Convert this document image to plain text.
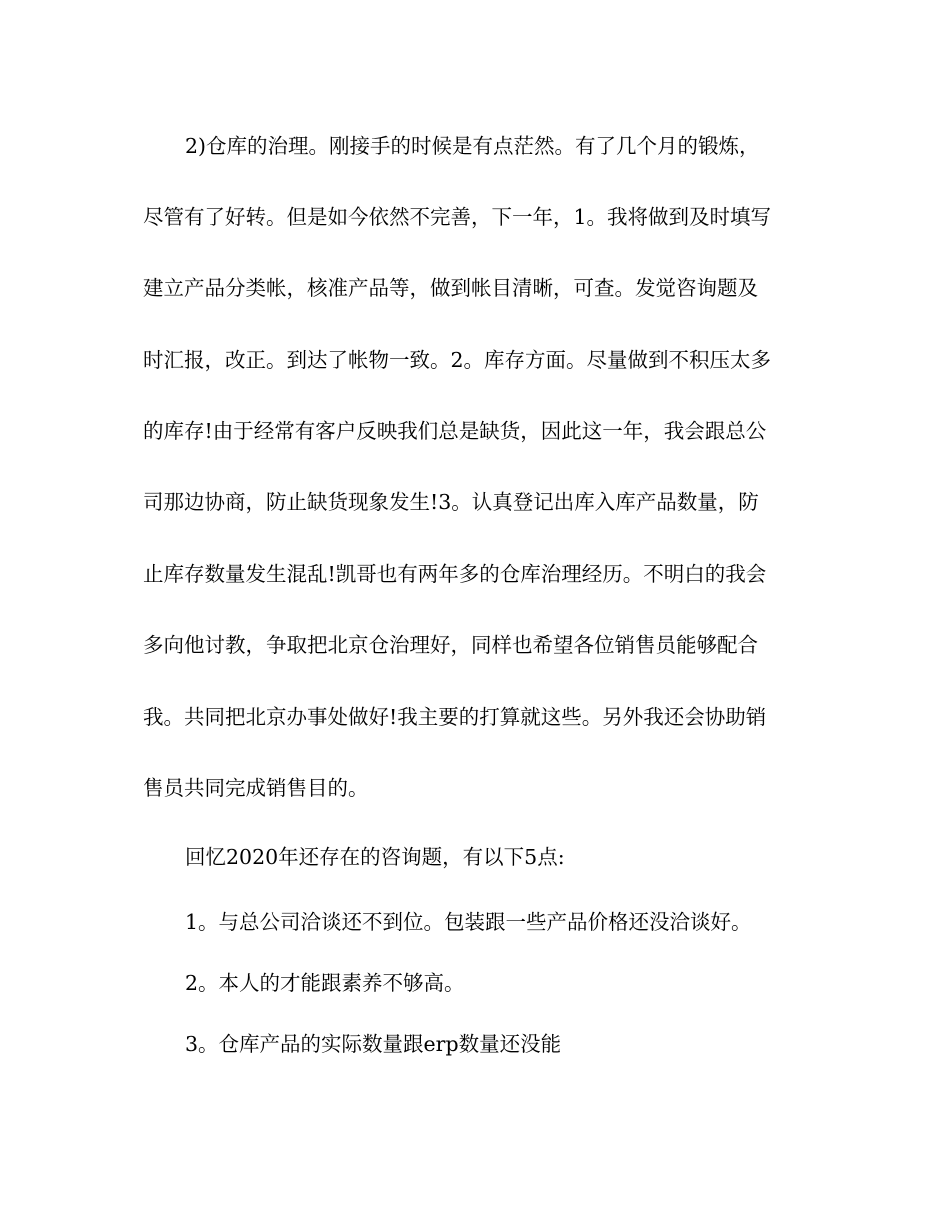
2)仓库的治理。刚接手的时候是有点茫然。有了几个月的锻炼，
尽管有了好转。但是如今依然不完善，下一年，1。我将做到及时填写
建立产品分类帐，核准产品等，做到帐目清晰，可查。发觉咨询题及
时汇报，改正。到达了帐物一致。2。库存方面。尽量做到不积压太多
的库存!由于经常有客户反映我们总是缺货，因此这一年，我会跟总公
司那边协商，防止缺货现象发生!3。认真登记出库入库产品数量，防
止库存数量发生混乱!凯哥也有两年多的仓库治理经历。不明白的我会
多向他讨教，争取把北京仓治理好，同样也希望各位销售员能够配合
我。共同把北京办事处做好!我主要的打算就这些。另外我还会协助销
售员共同完成销售目的。
回忆2020年还存在的咨询题，有以下5点:
1。与总公司洽谈还不到位。包装跟一些产品价格还没洽谈好。
2。本人的才能跟素养不够高。
3。仓库产品的实际数量跟erp数量还没能
